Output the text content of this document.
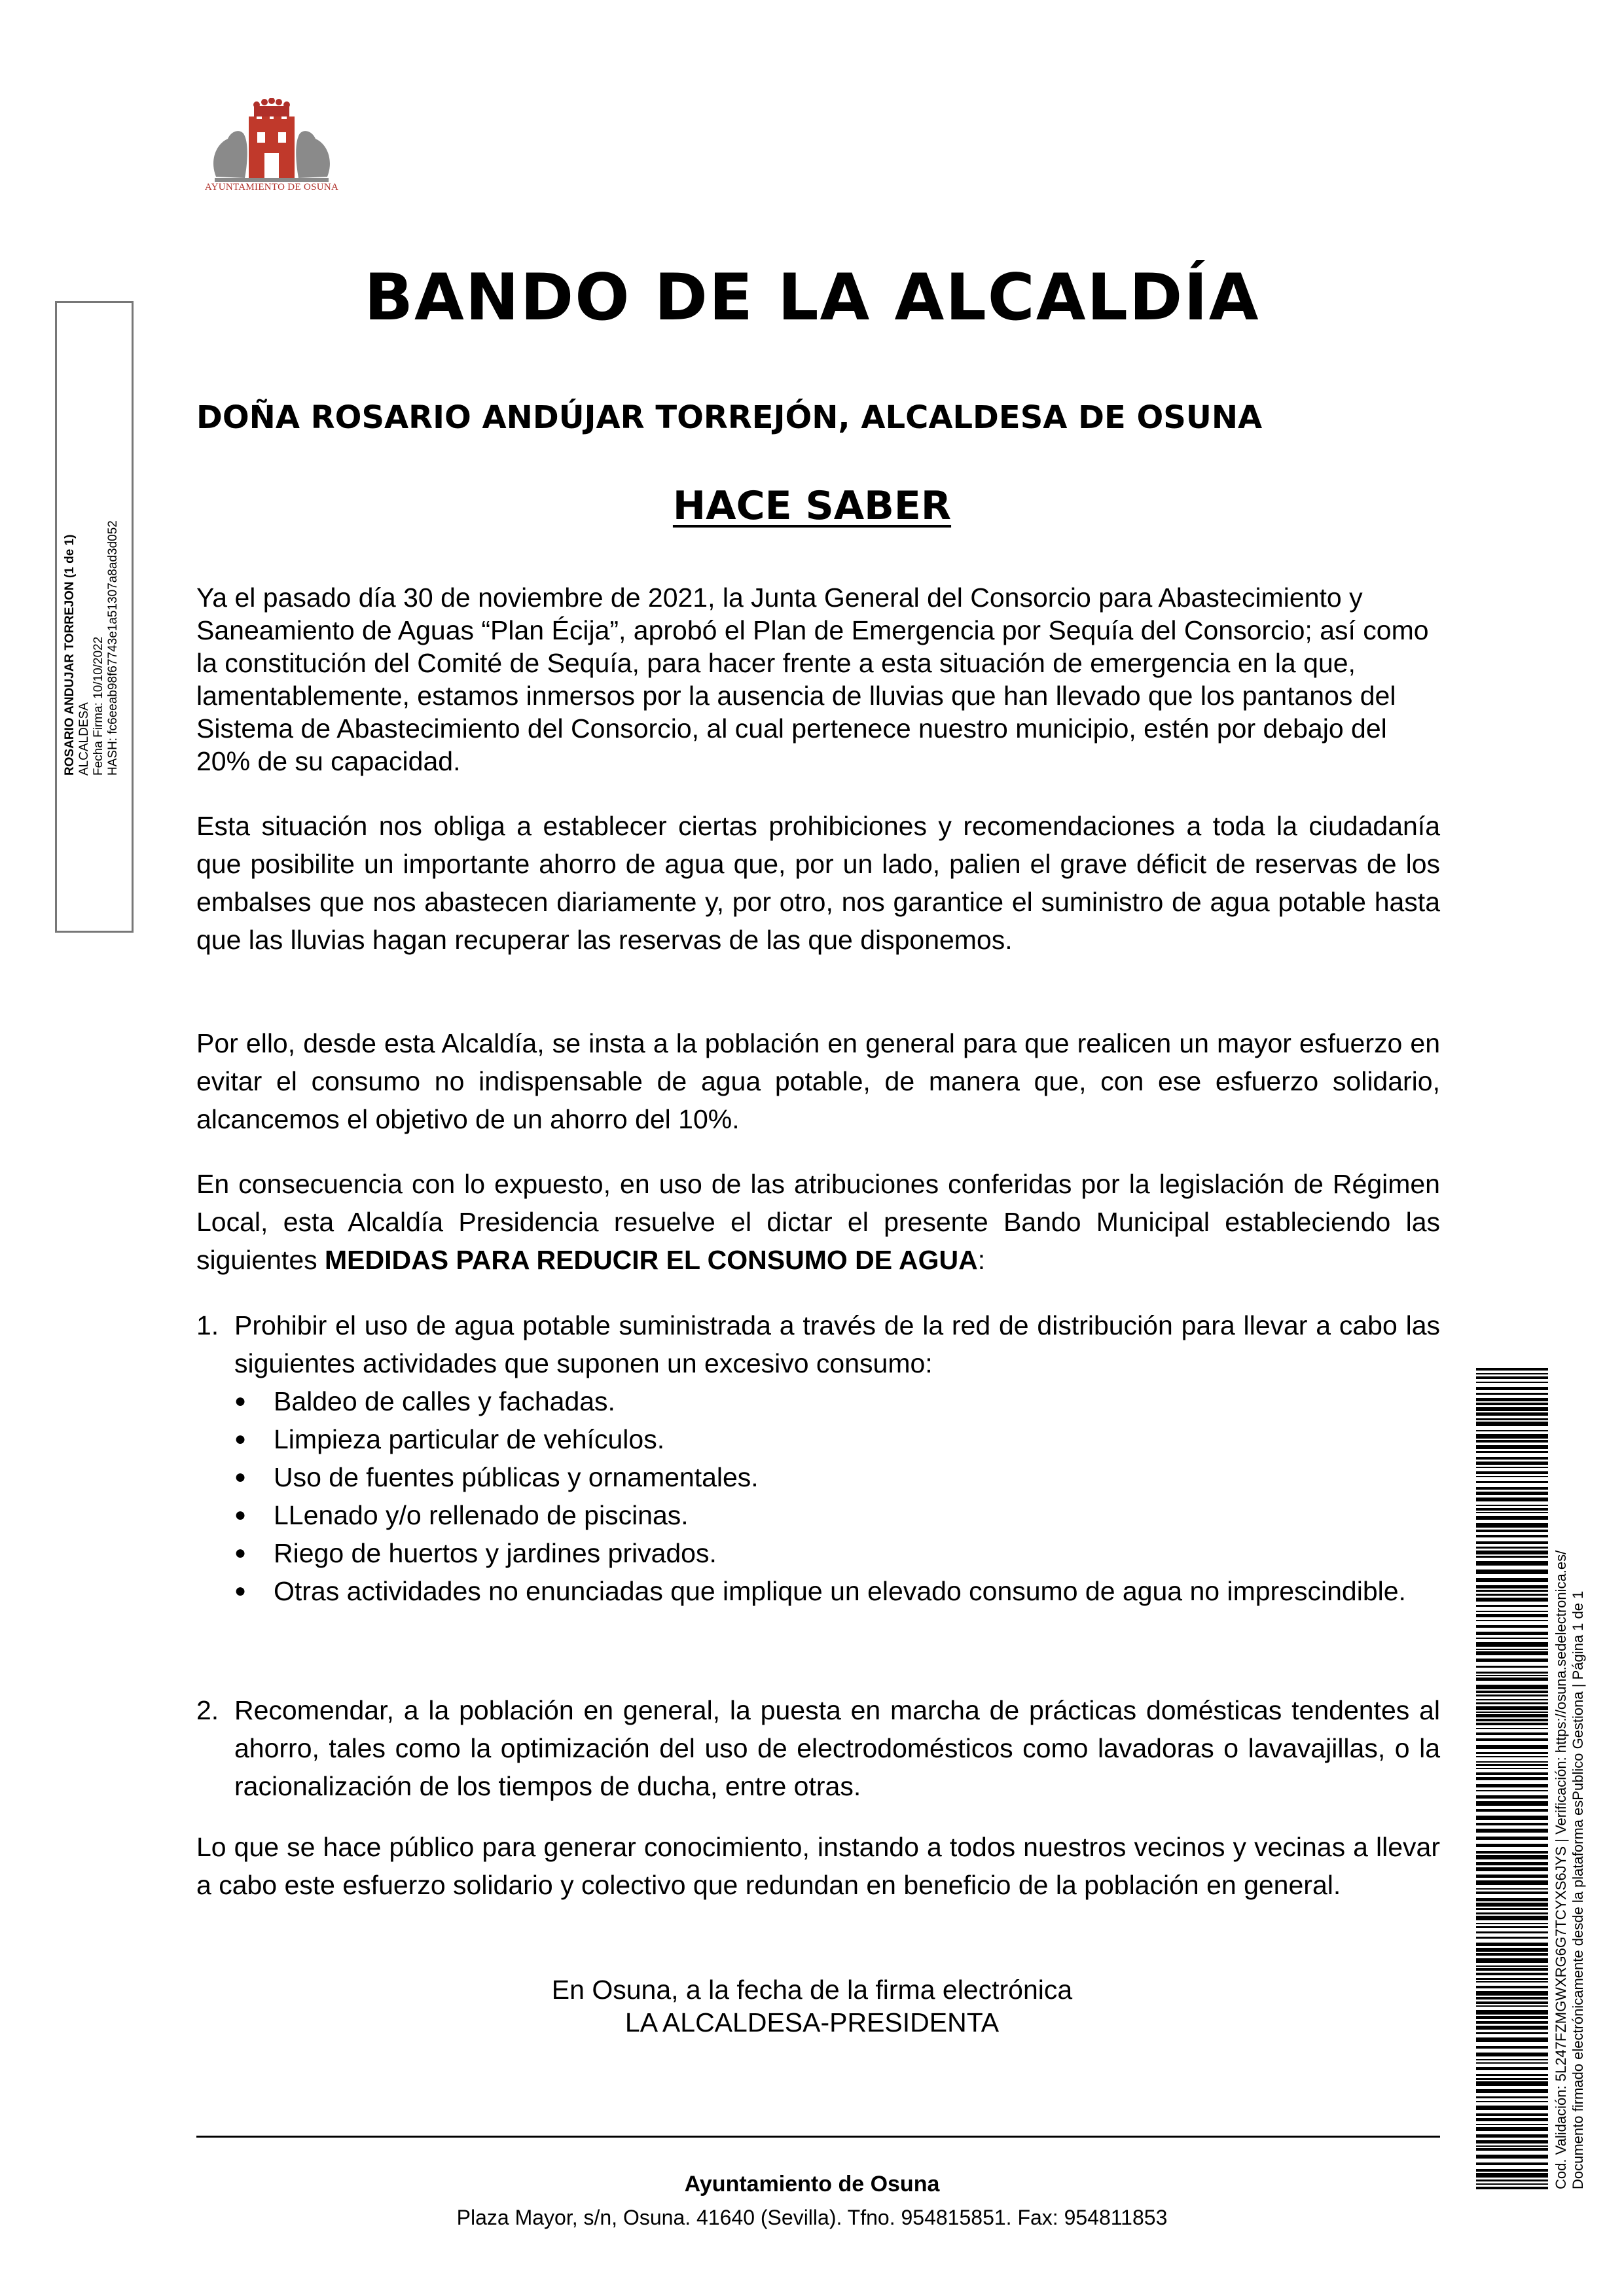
AYUNTAMIENTO DE OSUNA
ROSARIO ANDUJAR TORREJON (1 de 1) ALCALDESA Fecha Firma: 10/10/2022 HASH: fc6eeab98f67743e1a51307a8ad3d052
BANDO DE LA ALCALDÍA
DOÑA ROSARIO ANDÚJAR TORREJÓN, ALCALDESA DE OSUNA
HACE SABER
Ya el pasado día 30 de noviembre de 2021, la Junta General del Consorcio para Abastecimiento y Saneamiento de Aguas “Plan Écija”, aprobó el Plan de Emergencia por Sequía del Consorcio; así como la constitución del Comité de Sequía, para hacer frente a esta situación de emergencia en la que, lamentablemente, estamos inmersos por la ausencia de lluvias que han llevado que los pantanos del Sistema de Abastecimiento del Consorcio, al cual pertenece nuestro municipio, estén por debajo del 20% de su capacidad.
Esta situación nos obliga a establecer ciertas prohibiciones y recomendaciones a toda la ciudadanía que posibilite un importante ahorro de agua que, por un lado, palien el grave déficit de reservas de los embalses que nos abastecen diariamente y, por otro, nos garantice el suministro de agua potable hasta que las lluvias hagan recuperar las reservas de las que disponemos.
Por ello, desde esta Alcaldía, se insta a la población en general para que realicen un mayor esfuerzo en evitar el consumo no indispensable de agua potable, de manera que, con ese esfuerzo solidario, alcancemos el objetivo de un ahorro del 10%.
En consecuencia con lo expuesto, en uso de las atribuciones conferidas por la legislación de Régimen Local, esta Alcaldía Presidencia resuelve el dictar el presente Bando Municipal estableciendo las siguientes MEDIDAS PARA REDUCIR EL CONSUMO DE AGUA:
1. Prohibir el uso de agua potable suministrada a través de la red de distribución para llevar a cabo las siguientes actividades que suponen un excesivo consumo:
● Baldeo de calles y fachadas.
● Limpieza particular de vehículos.
● Uso de fuentes públicas y ornamentales.
● LLenado y/o rellenado de piscinas.
● Riego de huertos y jardines privados.
● Otras actividades no enunciadas que implique un elevado consumo de agua no imprescindible.
2. Recomendar, a la población en general, la puesta en marcha de prácticas domésticas tendentes al ahorro, tales como la optimización del uso de electrodomésticos como lavadoras o lavavajillas, o la racionalización de los tiempos de ducha, entre otras.
Lo que se hace público para generar conocimiento, instando a todos nuestros vecinos y vecinas a llevar a cabo este esfuerzo solidario y colectivo que redundan en beneficio de la población en general.
En Osuna, a la fecha de la firma electrónica
LA ALCALDESA-PRESIDENTA
Ayuntamiento de Osuna
Plaza Mayor, s/n, Osuna. 41640 (Sevilla). Tfno. 954815851. Fax: 954811853
Cod. Validación: 5L247FZMGWXRG6G7TCYXS6JYS | Verificación: https://osuna.sedelectronica.es/ Documento firmado electrónicamente desde la plataforma esPublico Gestiona | Página 1 de 1
